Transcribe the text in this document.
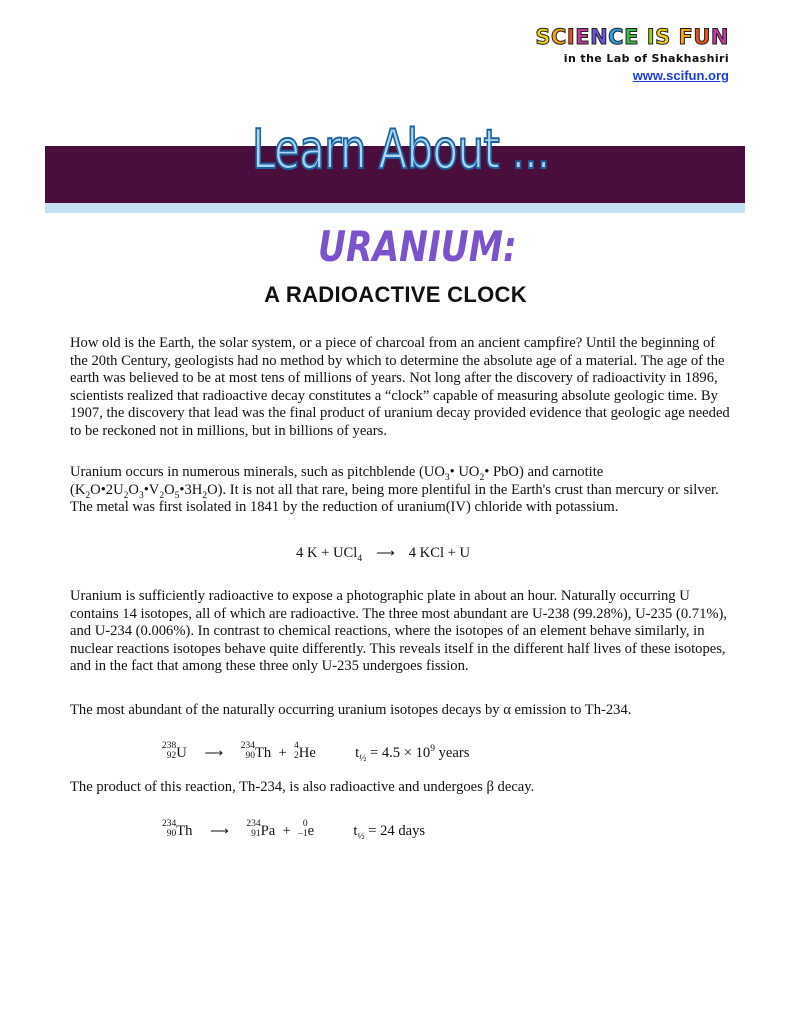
SCIENCE IS FUN
in the Lab of Shakhashiri
www.scifun.org
Learn About ...
URANIUM:
A RADIOACTIVE CLOCK

How old is the Earth, the solar system, or a piece of charcoal from an ancient campfire? Until the beginning of the 20th Century, geologists had no method by which to determine the absolute age of a material. The age of the earth was believed to be at most tens of millions of years. Not long after the discovery of radioactivity in 1896, scientists realized that radioactive decay constitutes a “clock” capable of measuring absolute geologic time. By 1907, the discovery that lead was the final product of uranium decay provided evidence that geologic age needed to be reckoned not in millions, but in billions of years.

Uranium occurs in numerous minerals, such as pitchblende ($UO_3•$ $UO_2•$ PbO) and carnotite $(K_2O•2U_2O_3•V_2O_5•3H_2O)$. It is not all that rare, being more plentiful in the Earth's crust than mercury or silver. The metal was first isolated in 1841 by the reduction of uranium(IV) chloride with potassium.

4 K + UCl$_4$ ⟶ 4 KCl + U

Uranium is sufficiently radioactive to expose a photographic plate in about an hour. Naturally occurring U contains 14 isotopes, all of which are radioactive. The three most abundant are U-238 (99.28%), U-235 (0.71%), and U-234 (0.006%). In contrast to chemical reactions, where the isotopes of an element behave similarly, in nuclear reactions isotopes behave quite differently. This reveals itself in the different half lives of these isotopes, and in the fact that among these three only U-235 undergoes fission.

The most abundant of the naturally occurring uranium isotopes decays by α emission to Th-234.

238
92 U ⟶ 234
90 Th + 4
2 He	$t_{\frac{1}{2}} = 4.5 \times 10^9$ years

The product of this reaction, Th-234, is also radioactive and undergoes β decay.

234
90 Th ⟶ 234
91 Pa +	0
–1 e	$t_{\frac{1}{2}} = 24$ days
